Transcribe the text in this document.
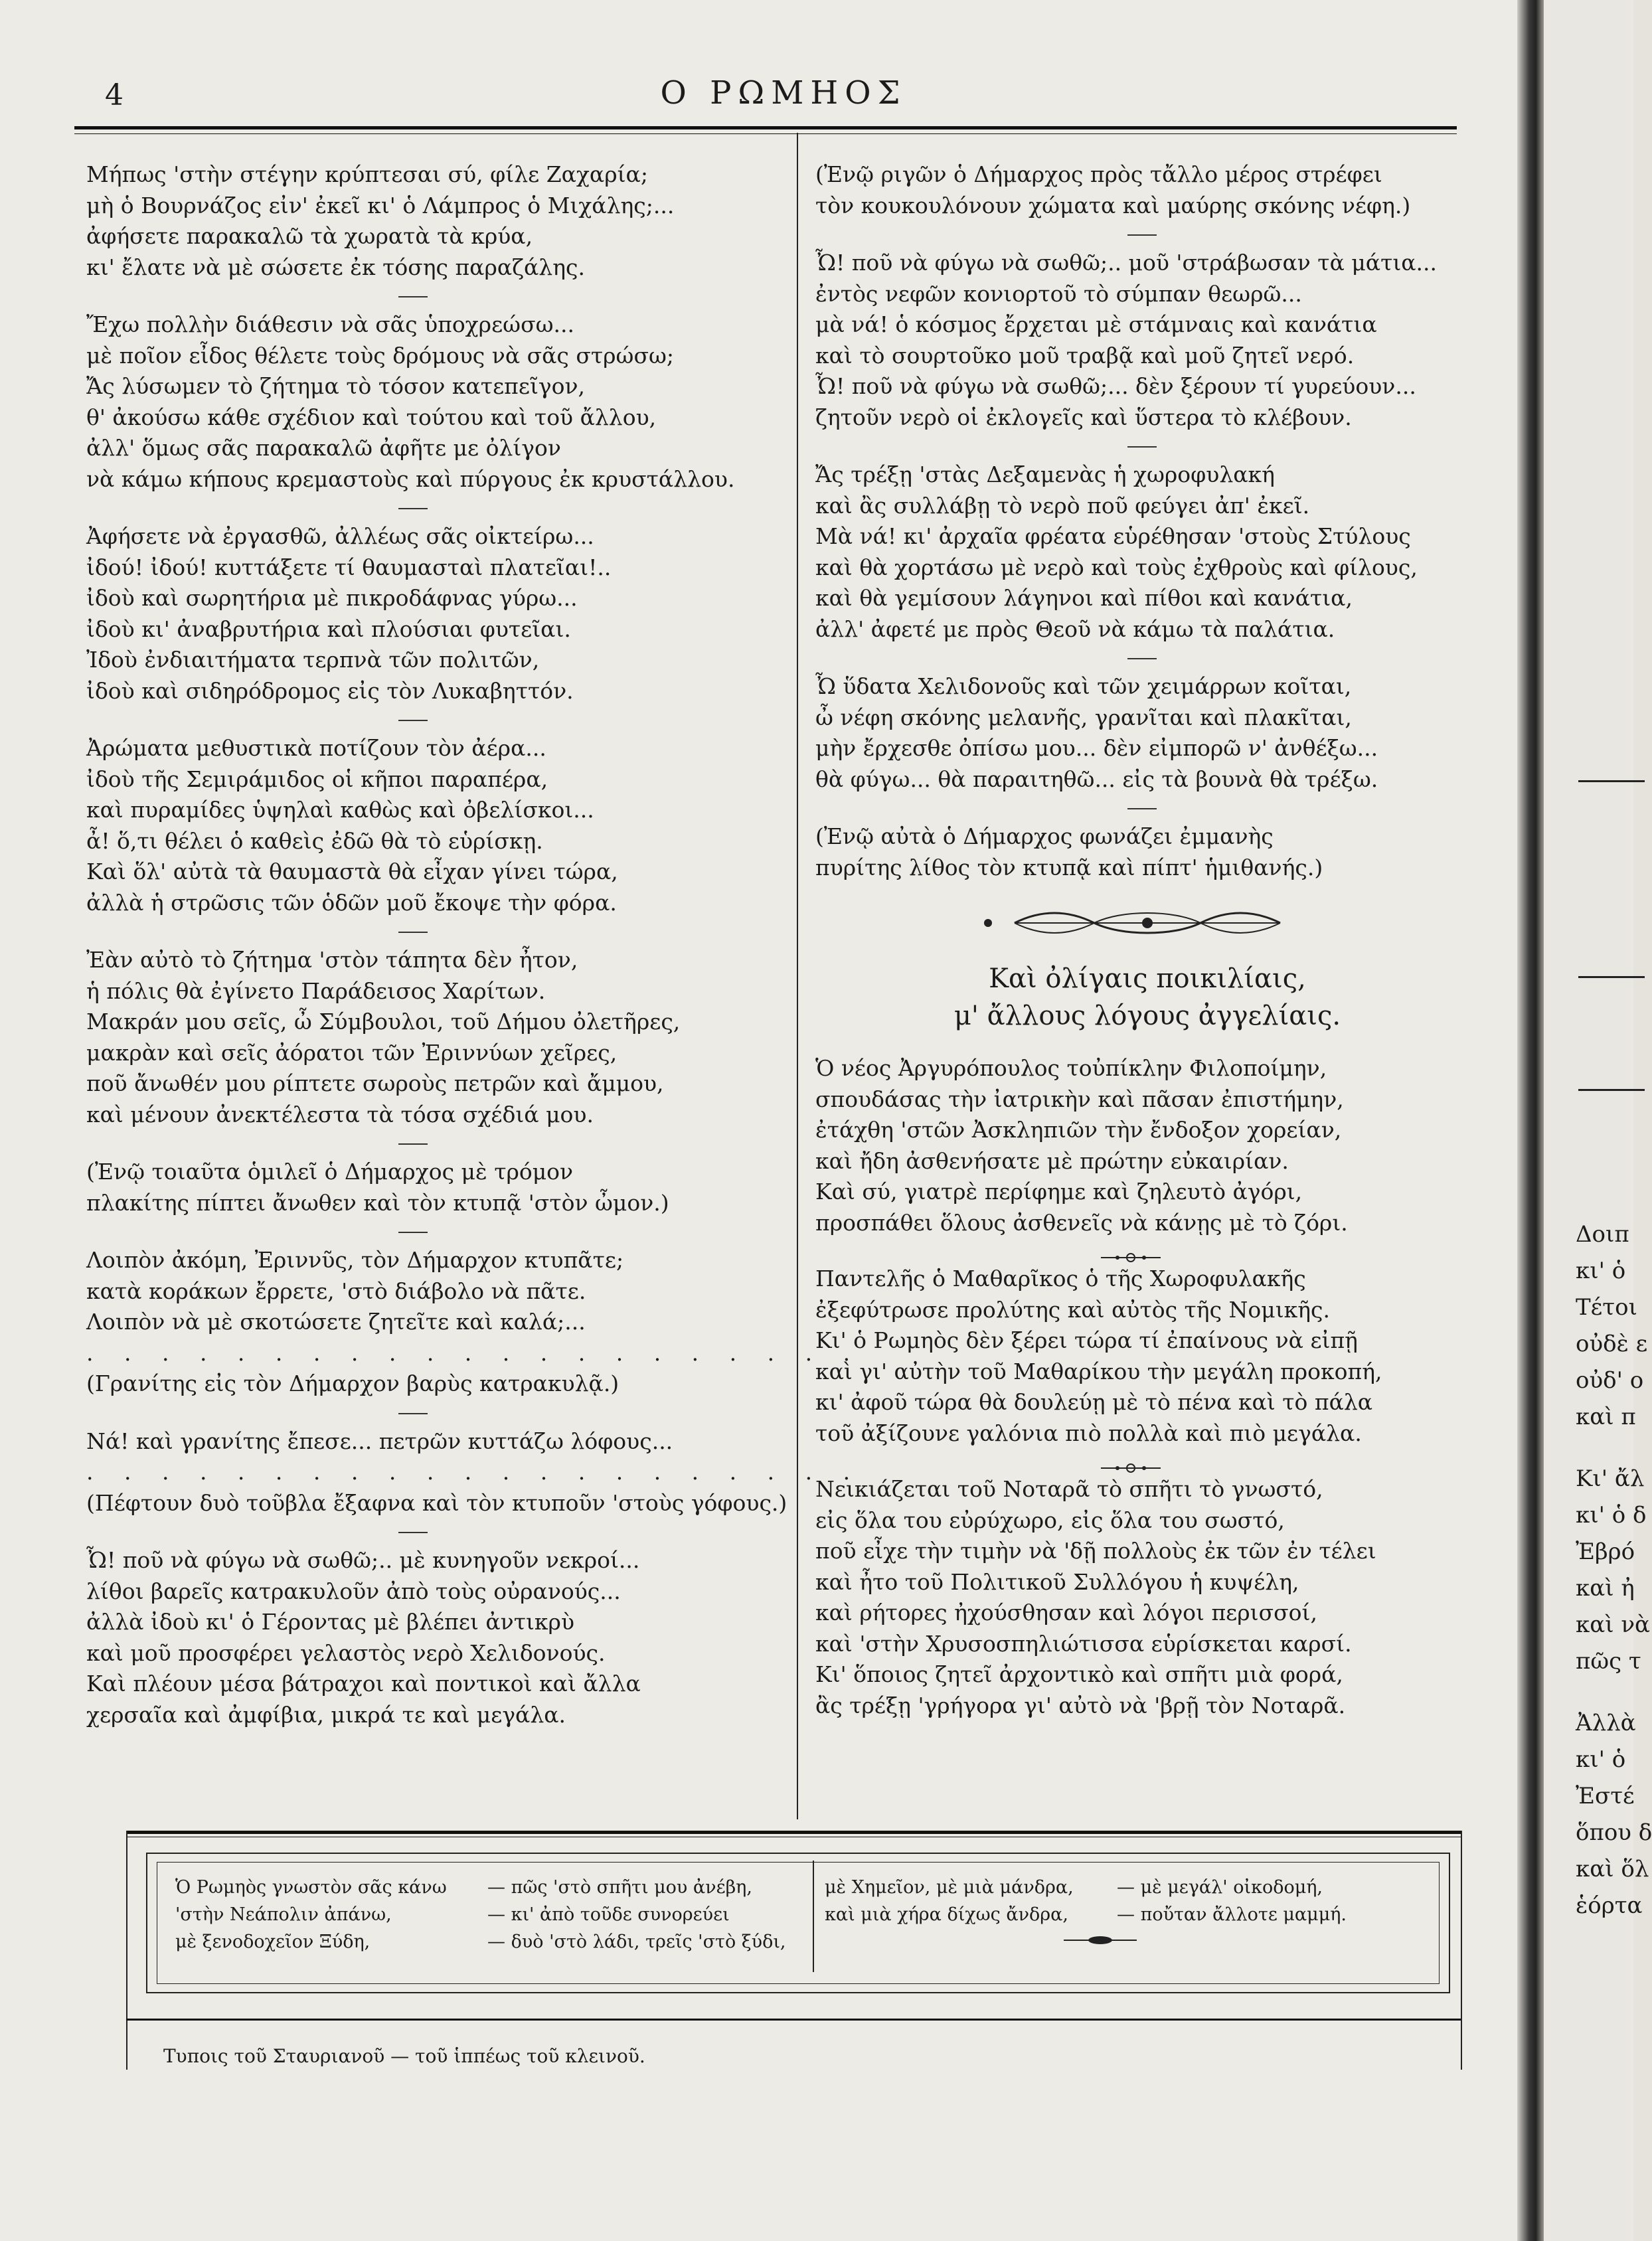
4	Ο ΡΩΜΗΟΣ
Μήπως 'στὴν στέγην κρύπτεσαι σύ, φίλε Ζαχαρία;
μὴ ὁ Βουρνάζος εἰν' ἐκεῖ κι' ὁ Λάμπρος ὁ Μιχάλης;...
ἀφήσετε παρακαλῶ τὰ χωρατὰ τὰ κρύα,
κι' ἔλατε νὰ μὲ σώσετε ἐκ τόσης παραζάλης.
Ἔχω πολλὴν διάθεσιν νὰ σᾶς ὑποχρεώσω...
μὲ ποῖον εἶδος θέλετε τοὺς δρόμους νὰ σᾶς στρώσω;
Ἄς λύσωμεν τὸ ζήτημα τὸ τόσον κατεπεῖγον,
θ' ἀκούσω κάθε σχέδιον καὶ τούτου καὶ τοῦ ἄλλου,
ἀλλ' ὅμως σᾶς παρακαλῶ ἀφῆτε με ὀλίγον
νὰ κάμω κήπους κρεμαστοὺς καὶ πύργους ἐκ κρυστάλλου.
Ἀφήσετε νὰ ἐργασθῶ, ἀλλέως σᾶς οἰκτείρω...
ἰδού! ἰδού! κυττάξετε τί θαυμασταὶ πλατεῖαι!..
ἰδοὺ καὶ σωρητήρια μὲ πικροδάφνας γύρω...
ἰδοὺ κι' ἀναβρυτήρια καὶ πλούσιαι φυτεῖαι.
Ἰδοὺ ἐνδιαιτήματα τερπνὰ τῶν πολιτῶν,
ἰδοὺ καὶ σιδηρόδρομος εἰς τὸν Λυκαβηττόν.
Ἀρώματα μεθυστικὰ ποτίζουν τὸν ἀέρα...
ἰδοὺ τῆς Σεμιράμιδος οἱ κῆποι παραπέρα,
καὶ πυραμίδες ὑψηλαὶ καθὼς καὶ ὀβελίσκοι...
ἆ! ὅ,τι θέλει ὁ καθεὶς ἐδῶ θὰ τὸ εὑρίσκῃ.
Καὶ ὅλ' αὐτὰ τὰ θαυμαστὰ θὰ εἶχαν γίνει τώρα,
ἀλλὰ ἡ στρῶσις τῶν ὁδῶν μοῦ ἔκοψε τὴν φόρα.
Ἐὰν αὐτὸ τὸ ζήτημα 'στὸν τάπητα δὲν ἦτον,
ἡ πόλις θὰ ἐγίνετο Παράδεισος Χαρίτων.
Μακράν μου σεῖς, ὦ Σύμβουλοι, τοῦ Δήμου ὀλετῆρες,
μακρὰν καὶ σεῖς ἀόρατοι τῶν Ἐριννύων χεῖρες,
ποῦ ἄνωθέν μου ρίπτετε σωροὺς πετρῶν καὶ ἄμμου,
καὶ μένουν ἀνεκτέλεστα τὰ τόσα σχέδιά μου.
(Ἐνῷ τοιαῦτα ὁμιλεῖ ὁ Δήμαρχος μὲ τρόμον
πλακίτης πίπτει ἄνωθεν καὶ τὸν κτυπᾷ 'στὸν ὦμον.)
Λοιπὸν ἀκόμη, Ἐριννῦς, τὸν Δήμαρχον κτυπᾶτε;
κατὰ κοράκων ἔρρετε, 'στὸ διάβολο νὰ πᾶτε.
Λοιπὸν νὰ μὲ σκοτώσετε ζητεῖτε καὶ καλά;...
. . . . . . . . . . . . . . . . . . . . .
(Γρανίτης εἰς τὸν Δήμαρχον βαρὺς κατρακυλᾷ.)
Νά! καὶ γρανίτης ἔπεσε... πετρῶν κυττάζω λόφους...
. . . . . . . . . . . . . . . . . . . . .
(Πέφτουν δυὸ τοῦβλα ἔξαφνα καὶ τὸν κτυποῦν 'στοὺς γόφους.)
Ὦ! ποῦ νὰ φύγω νὰ σωθῶ;.. μὲ κυνηγοῦν νεκροί...
λίθοι βαρεῖς κατρακυλοῦν ἀπὸ τοὺς οὐρανούς...
ἀλλὰ ἰδοὺ κι' ὁ Γέροντας μὲ βλέπει ἀντικρὺ
καὶ μοῦ προσφέρει γελαστὸς νερὸ Χελιδονούς.
Καὶ πλέουν μέσα βάτραχοι καὶ ποντικοὶ καὶ ἄλλα
χερσαῖα καὶ ἀμφίβια, μικρά τε καὶ μεγάλα.
(Ἐνῷ ριγῶν ὁ Δήμαρχος πρὸς τἄλλο μέρος στρέφει
τὸν κουκουλόνουν χώματα καὶ μαύρης σκόνης νέφη.)
Ὦ! ποῦ νὰ φύγω νὰ σωθῶ;.. μοῦ 'στράβωσαν τὰ μάτια...
ἐντὸς νεφῶν κονιορτοῦ τὸ σύμπαν θεωρῶ...
μὰ νά! ὁ κόσμος ἔρχεται μὲ στάμναις καὶ κανάτια
καὶ τὸ σουρτοῦκο μοῦ τραβᾷ καὶ μοῦ ζητεῖ νερό.
Ὦ! ποῦ νὰ φύγω νὰ σωθῶ;... δὲν ξέρουν τί γυρεύουν...
ζητοῦν νερὸ οἱ ἐκλογεῖς καὶ ὕστερα τὸ κλέβουν.
Ἄς τρέξῃ 'στὰς Δεξαμενὰς ἡ χωροφυλακή
καὶ ἂς συλλάβῃ τὸ νερὸ ποῦ φεύγει ἀπ' ἐκεῖ.
Μὰ νά! κι' ἀρχαῖα φρέατα εὑρέθησαν 'στοὺς Στύλους
καὶ θὰ χορτάσω μὲ νερὸ καὶ τοὺς ἐχθροὺς καὶ φίλους,
καὶ θὰ γεμίσουν λάγηνοι καὶ πίθοι καὶ κανάτια,
ἀλλ' ἀφετέ με πρὸς Θεοῦ νὰ κάμω τὰ παλάτια.
Ὦ ὕδατα Χελιδονοῦς καὶ τῶν χειμάρρων κοῖται,
ὦ νέφη σκόνης μελανῆς, γρανῖται καὶ πλακῖται,
μὴν ἔρχεσθε ὀπίσω μου... δὲν εἰμπορῶ ν' ἀνθέξω...
θὰ φύγω... θὰ παραιτηθῶ... εἰς τὰ βουνὰ θὰ τρέξω.
(Ἐνῷ αὐτὰ ὁ Δήμαρχος φωνάζει ἐμμανὴς
πυρίτης λίθος τὸν κτυπᾷ καὶ πίπτ' ἡμιθανής.)
Καὶ ὀλίγαις ποικιλίαις,
μ' ἄλλους λόγους ἀγγελίαις.
Ὁ νέος Ἀργυρόπουλος τοὐπίκλην Φιλοποίμην,
σπουδάσας τὴν ἰατρικὴν καὶ πᾶσαν ἐπιστήμην,
ἐτάχθη 'στῶν Ἀσκληπιῶν τὴν ἔνδοξον χορείαν,
καὶ ἤδη ἀσθενήσατε μὲ πρώτην εὐκαιρίαν.
Καὶ σύ, γιατρὲ περίφημε καὶ ζηλευτὸ ἀγόρι,
προσπάθει ὅλους ἀσθενεῖς νὰ κάνῃς μὲ τὸ ζόρι.
Παντελῆς ὁ Μαθαρῖκος ὁ τῆς Χωροφυλακῆς
ἐξεφύτρωσε προλύτης καὶ αὐτὸς τῆς Νομικῆς.
Κι' ὁ Ρωμηὸς δὲν ξέρει τώρα τί ἐπαίνους νὰ εἰπῇ
καὶ γι' αὐτὴν τοῦ Μαθαρίκου τὴν μεγάλη προκοπή,
κι' ἀφοῦ τώρα θὰ δουλεύῃ μὲ τὸ πένα καὶ τὸ πάλα
τοῦ ἀξίζουνε γαλόνια πιὸ πολλὰ καὶ πιὸ μεγάλα.
Νεικιάζεται τοῦ Νοταρᾶ τὸ σπῆτι τὸ γνωστό,
εἰς ὅλα του εὐρύχωρο, εἰς ὅλα του σωστό,
ποῦ εἶχε τὴν τιμὴν νὰ 'δῇ πολλοὺς ἐκ τῶν ἐν τέλει
καὶ ἦτο τοῦ Πολιτικοῦ Συλλόγου ἡ κυψέλη,
καὶ ρήτορες ἠχούσθησαν καὶ λόγοι περισσοί,
καὶ 'στὴν Χρυσοσπηλιώτισσα εὑρίσκεται καρσί.
Κι' ὅποιος ζητεῖ ἀρχοντικὸ καὶ σπῆτι μιὰ φορά,
ἂς τρέξῃ 'γρήγορα γι' αὐτὸ νὰ 'βρῇ τὸν Νοταρᾶ.
Ὁ Ρωμηὸς γνωστὸν σᾶς κάνω — πῶς 'στὸ σπῆτι μου ἀνέβη,
'στὴν Νεάπολιν ἀπάνω,	— κι' ἀπὸ τοῦδε συνορεύει
μὲ ξενοδοχεῖον Ξύδη,	— δυὸ 'στὸ λάδι, τρεῖς 'στὸ ξύδι,
μὲ Χημεῖον, μὲ μιὰ μάνδρα, — μὲ μεγάλ' οἰκοδομή,
καὶ μιὰ χήρα δίχως ἄνδρα,	— ποὔταν ἄλλοτε μαμμή.
Τυποις τοῦ Σταυριανοῦ — τοῦ ἱππέως τοῦ κλεινοῦ.
Δοιπ
κι' ὁ
Τέτοι
οὐδὲ ε
οὐδ' ο
καὶ π
Κι' ἄλ
κι' ὁ δ
Ἐβρό
καὶ ἠ
καὶ νὰ
πῶς τ
Ἀλλὰ
κι' ὁ
Ἐστέ
ὅπου δ
καὶ ὅλ
ἑόρτα
